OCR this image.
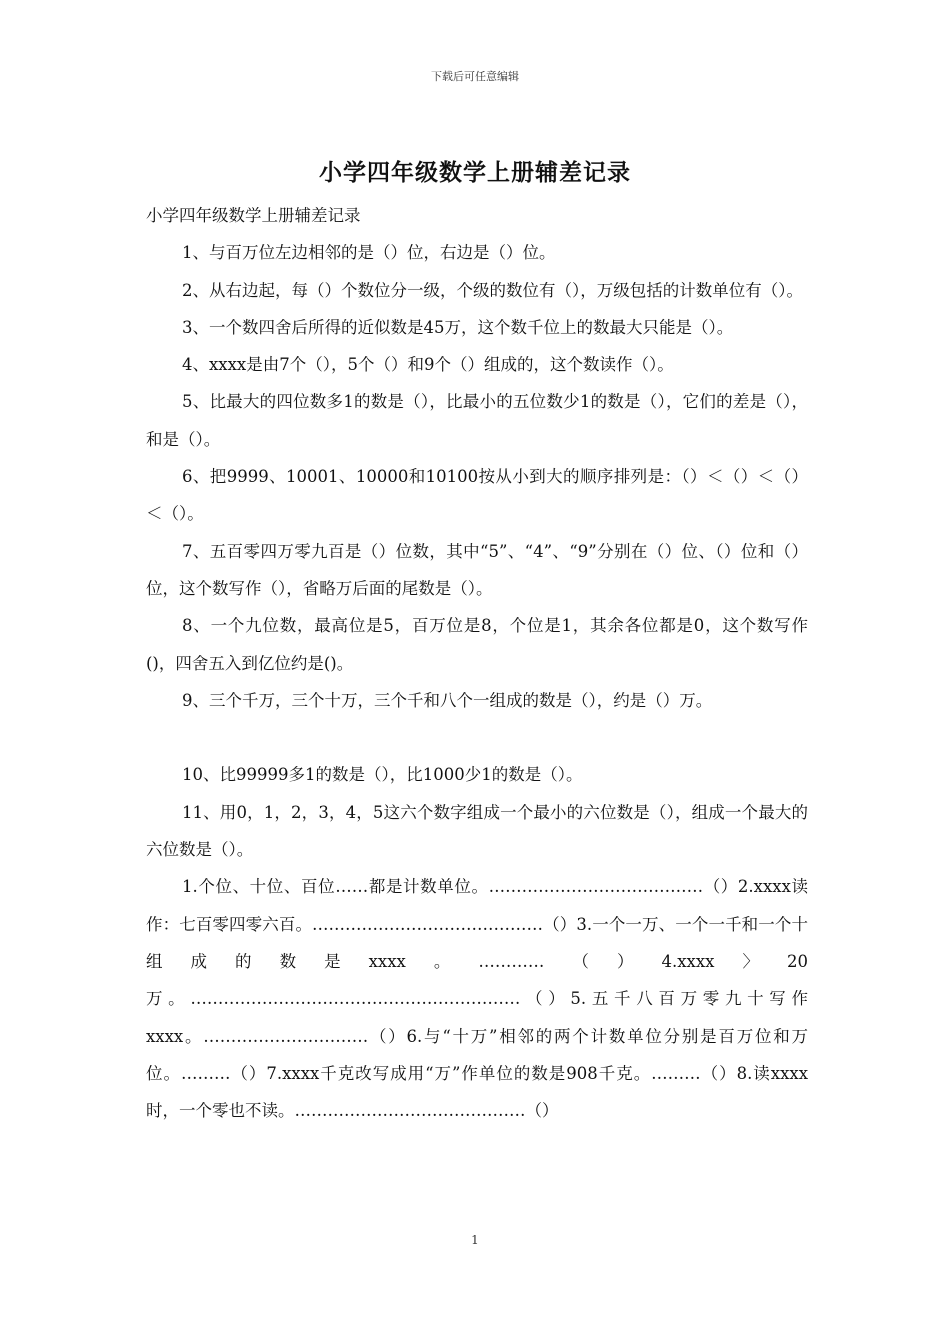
下载后可任意编辑
小学四年级数学上册辅差记录

小学四年级数学上册辅差记录

1、与百万位左边相邻的是（）位，右边是（）位。

2、从右边起，每（）个数位分一级，个级的数位有（），万级包括的计数单位有（）。

3、一个数四舍后所得的近似数是45万，这个数千位上的数最大只能是（）。

4、xxxx是由7个（），5个（）和9个（）组成的，这个数读作（）。

5、比最大的四位数多1的数是（），比最小的五位数少1的数是（），它们的差是（），和是（）。

6、把9999、10001、10000和10100按从小到大的顺序排列是：（）＜（）＜（）＜（）。

7、五百零四万零九百是（）位数，其中“5”、“4”、“9”分别在（）位、（）位和（）位，这个数写作（），省略万后面的尾数是（）。

8、一个九位数，最高位是5，百万位是8，个位是1，其余各位都是0，这个数写作()，四舍五入到亿位约是()。

9、三个千万，三个十万，三个千和八个一组成的数是（），约是（）万。

10、比99999多1的数是（），比1000少1的数是（）。

11、用0，1，2，3，4，5这六个数字组成一个最小的六位数是（），组成一个最大的六位数是（）。

1.个位、十位、百位……都是计数单位。…………………………………（）2.xxxx读作：七百零四零六百。……………………………………（）3.一个一万、一个一千和一个十组成的数是xxxx。…………（）4.xxxx〉20万。……………………………………………………（）5.五千八百万零九十写作xxxx。…………………………（）6.与“十万”相邻的两个计数单位分别是百万位和万位。………（）7.xxxx千克改写成用“万”作单位的数是908千克。………（）8.读xxxx时，一个零也不读。……………………………………（）

1
